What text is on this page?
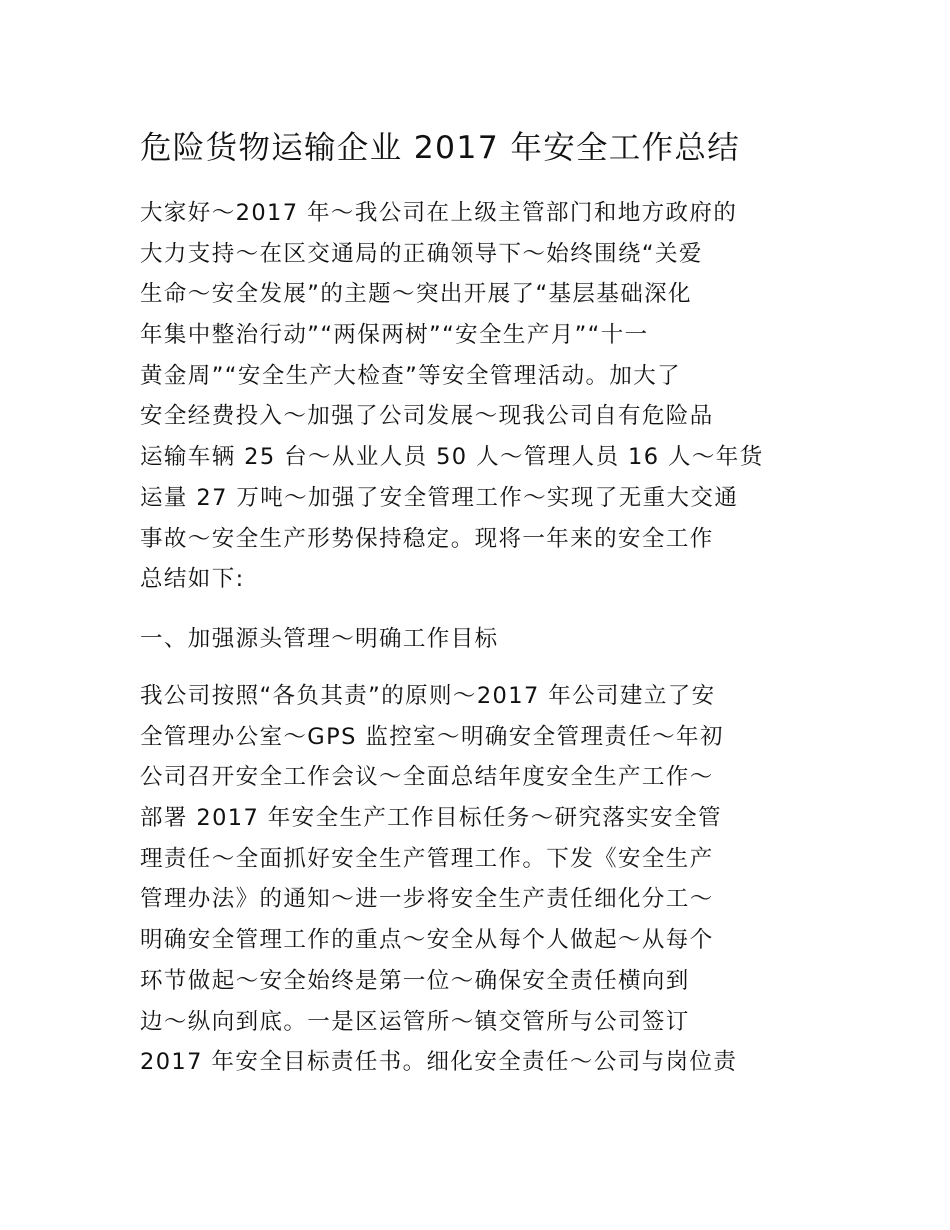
危险货物运输企业 2017 年安全工作总结
大家好～2017 年～我公司在上级主管部门和地方政府的
大力支持～在区交通局的正确领导下～始终围绕“关爱
生命～安全发展”的主题～突出开展了“基层基础深化
年集中整治行动”“两保两树”“安全生产月”“十一
黄金周”“安全生产大检查”等安全管理活动。加大了
安全经费投入～加强了公司发展～现我公司自有危险品
运输车辆 25 台～从业人员 50 人～管理人员 16 人～年货
运量 27 万吨～加强了安全管理工作～实现了无重大交通
事故～安全生产形势保持稳定。现将一年来的安全工作
总结如下:
一、加强源头管理～明确工作目标
我公司按照“各负其责”的原则～2017 年公司建立了安
全管理办公室～GPS 监控室～明确安全管理责任～年初
公司召开安全工作会议～全面总结年度安全生产工作～
部署 2017 年安全生产工作目标任务～研究落实安全管
理责任～全面抓好安全生产管理工作。下发《安全生产
管理办法》的通知～进一步将安全生产责任细化分工～
明确安全管理工作的重点～安全从每个人做起～从每个
环节做起～安全始终是第一位～确保安全责任横向到
边～纵向到底。一是区运管所～镇交管所与公司签订
2017 年安全目标责任书。细化安全责任～公司与岗位责
